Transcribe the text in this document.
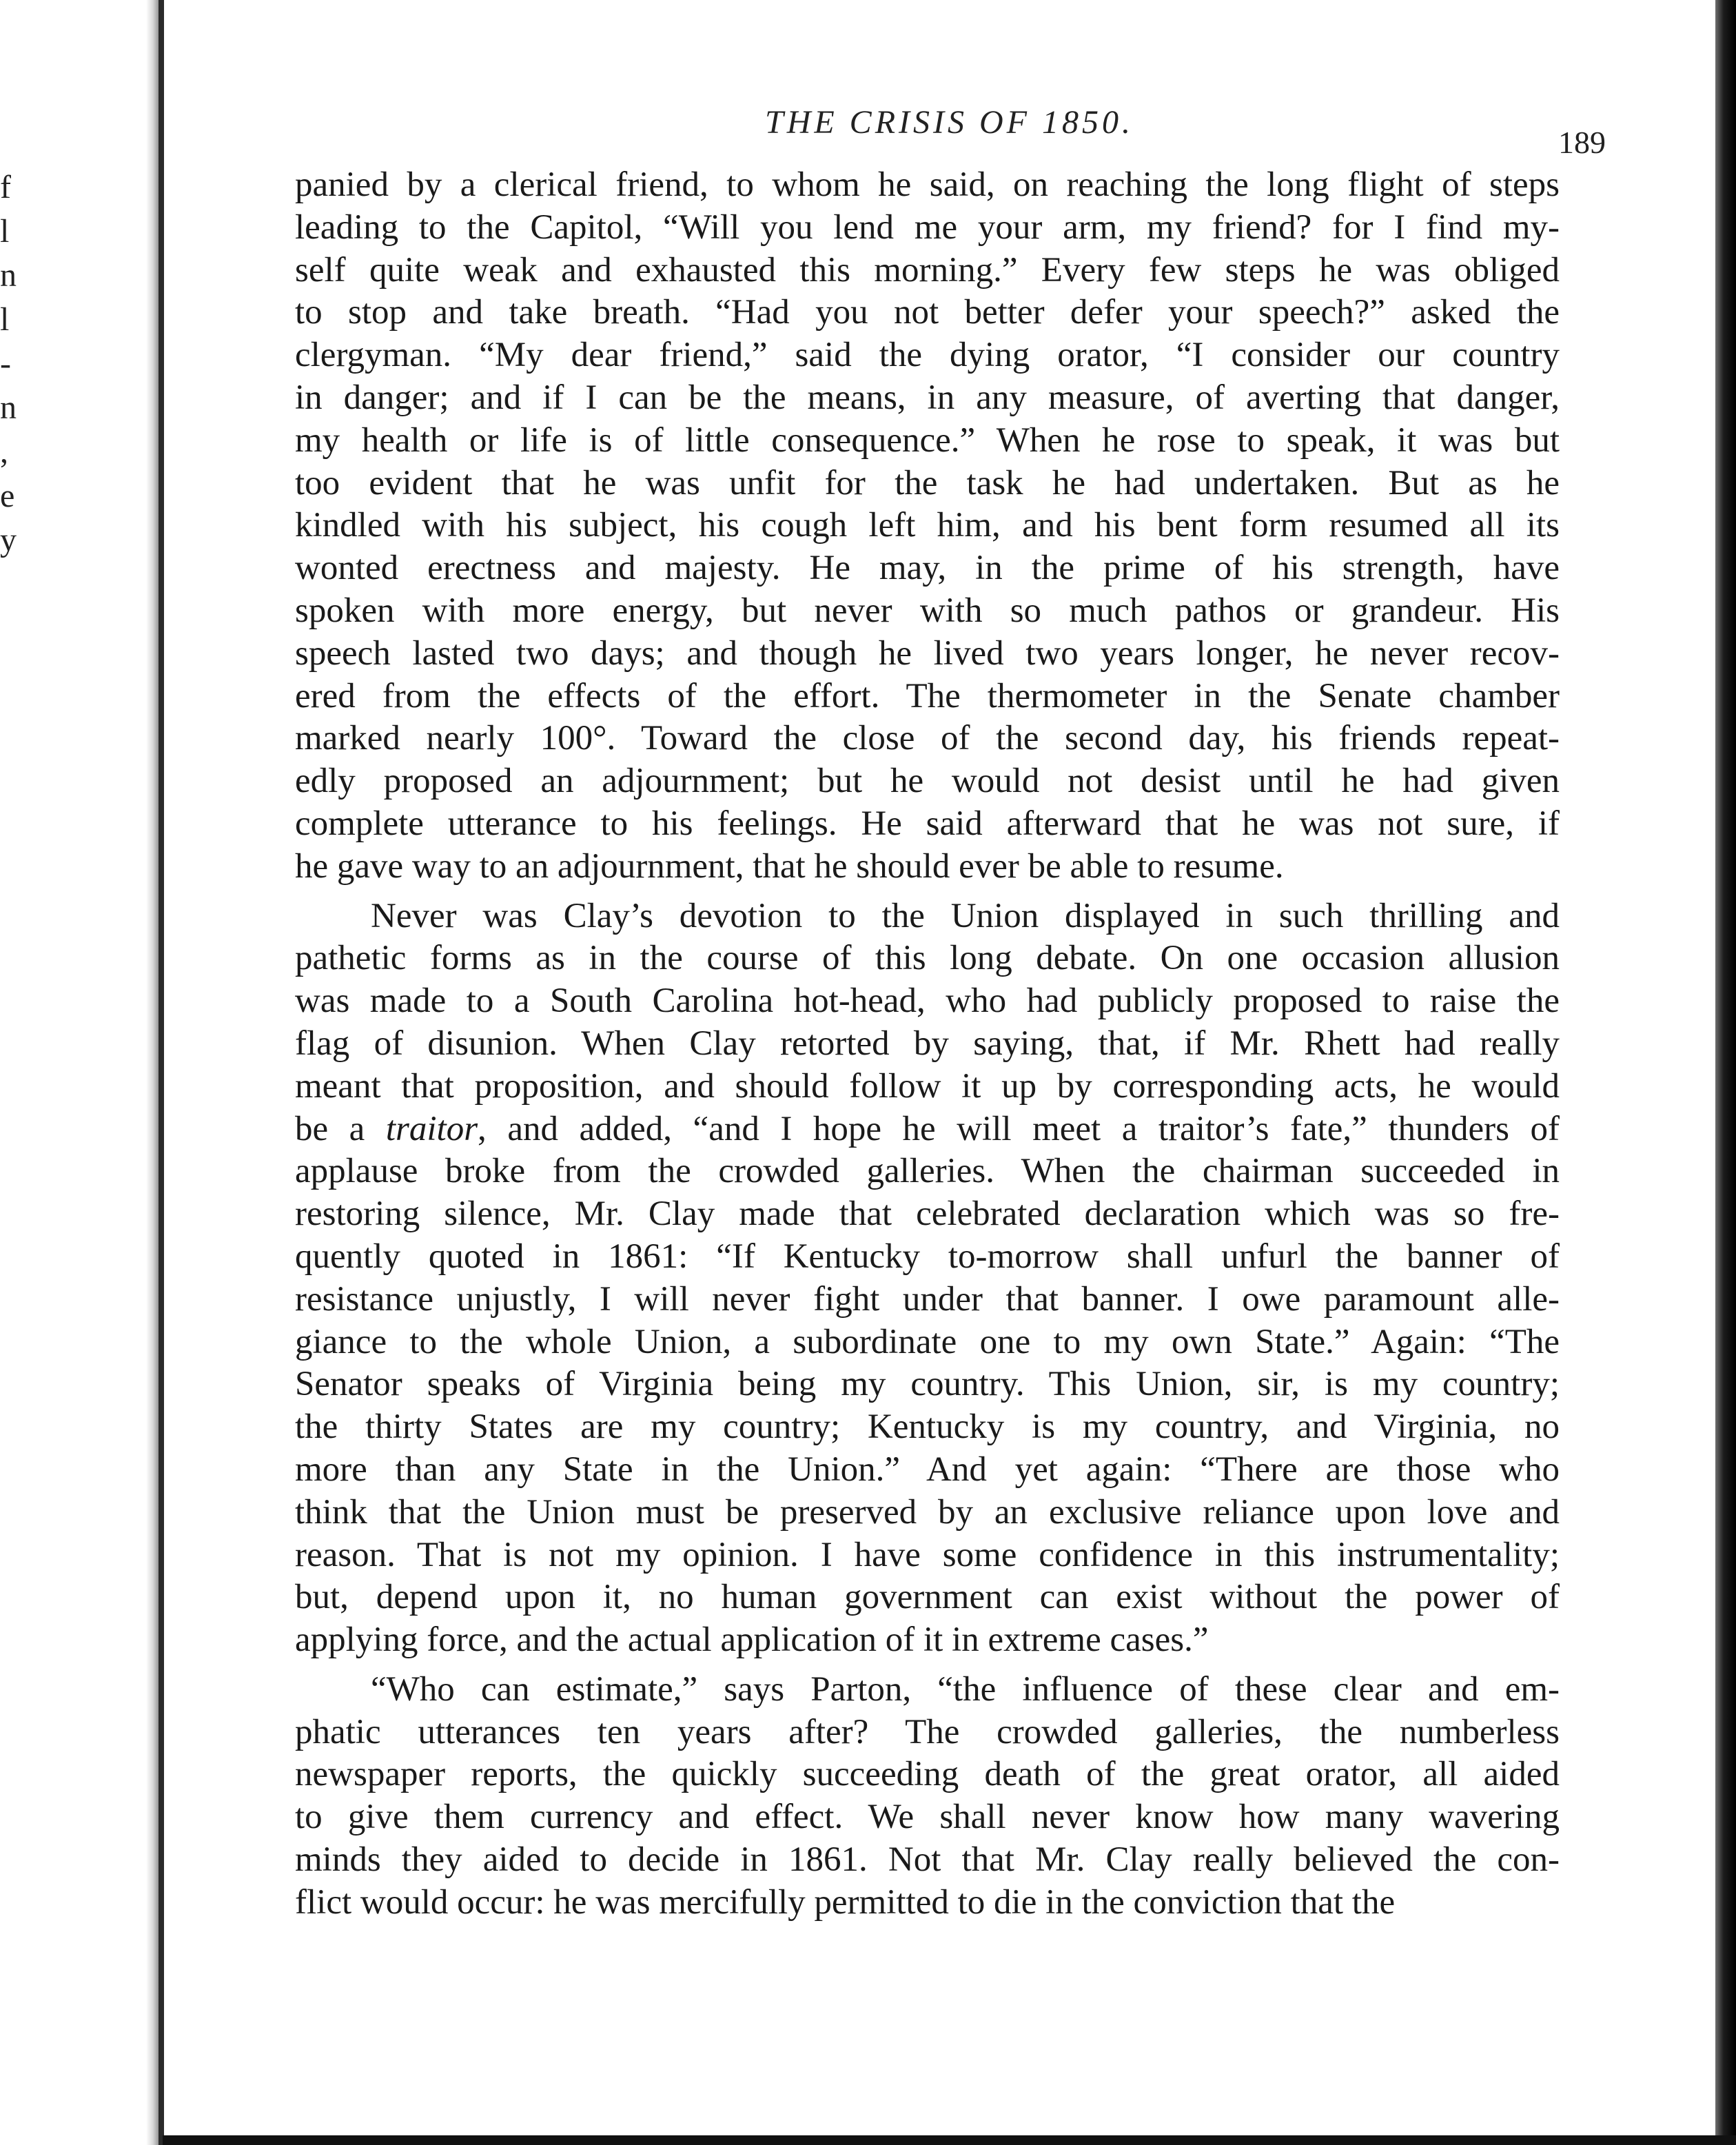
f
l
n
l
-
n
,
e
y
THE CRISIS OF 1850.
189
panied by a clerical friend, to whom he said, on reaching the long flight of steps
leading to the Capitol, “Will you lend me your arm, my friend? for I find my-
self quite weak and exhausted this morning.” Every few steps he was obliged
to stop and take breath. “Had you not better defer your speech?” asked the
clergyman. “My dear friend,” said the dying orator, “I consider our country
in danger; and if I can be the means, in any measure, of averting that danger,
my health or life is of little consequence.” When he rose to speak, it was but
too evident that he was unfit for the task he had undertaken. But as he
kindled with his subject, his cough left him, and his bent form resumed all its
wonted erectness and majesty. He may, in the prime of his strength, have
spoken with more energy, but never with so much pathos or grandeur. His
speech lasted two days; and though he lived two years longer, he never recov-
ered from the effects of the effort. The thermometer in the Senate chamber
marked nearly 100°. Toward the close of the second day, his friends repeat-
edly proposed an adjournment; but he would not desist until he had given
complete utterance to his feelings. He said afterward that he was not sure, if
he gave way to an adjournment, that he should ever be able to resume.
Never was Clay’s devotion to the Union displayed in such thrilling and
pathetic forms as in the course of this long debate. On one occasion allusion
was made to a South Carolina hot-head, who had publicly proposed to raise the
flag of disunion. When Clay retorted by saying, that, if Mr. Rhett had really
meant that proposition, and should follow it up by corresponding acts, he would
be a traitor, and added, “and I hope he will meet a traitor’s fate,” thunders of
applause broke from the crowded galleries. When the chairman succeeded in
restoring silence, Mr. Clay made that celebrated declaration which was so fre-
quently quoted in 1861: “If Kentucky to-morrow shall unfurl the banner of
resistance unjustly, I will never fight under that banner. I owe paramount alle-
giance to the whole Union, a subordinate one to my own State.” Again: “The
Senator speaks of Virginia being my country. This Union, sir, is my country;
the thirty States are my country; Kentucky is my country, and Virginia, no
more than any State in the Union.” And yet again: “There are those who
think that the Union must be preserved by an exclusive reliance upon love and
reason. That is not my opinion. I have some confidence in this instrumentality;
but, depend upon it, no human government can exist without the power of
applying force, and the actual application of it in extreme cases.”
“Who can estimate,” says Parton, “the influence of these clear and em-
phatic utterances ten years after? The crowded galleries, the numberless
newspaper reports, the quickly succeeding death of the great orator, all aided
to give them currency and effect. We shall never know how many wavering
minds they aided to decide in 1861. Not that Mr. Clay really believed the con-
flict would occur: he was mercifully permitted to die in the conviction that the
